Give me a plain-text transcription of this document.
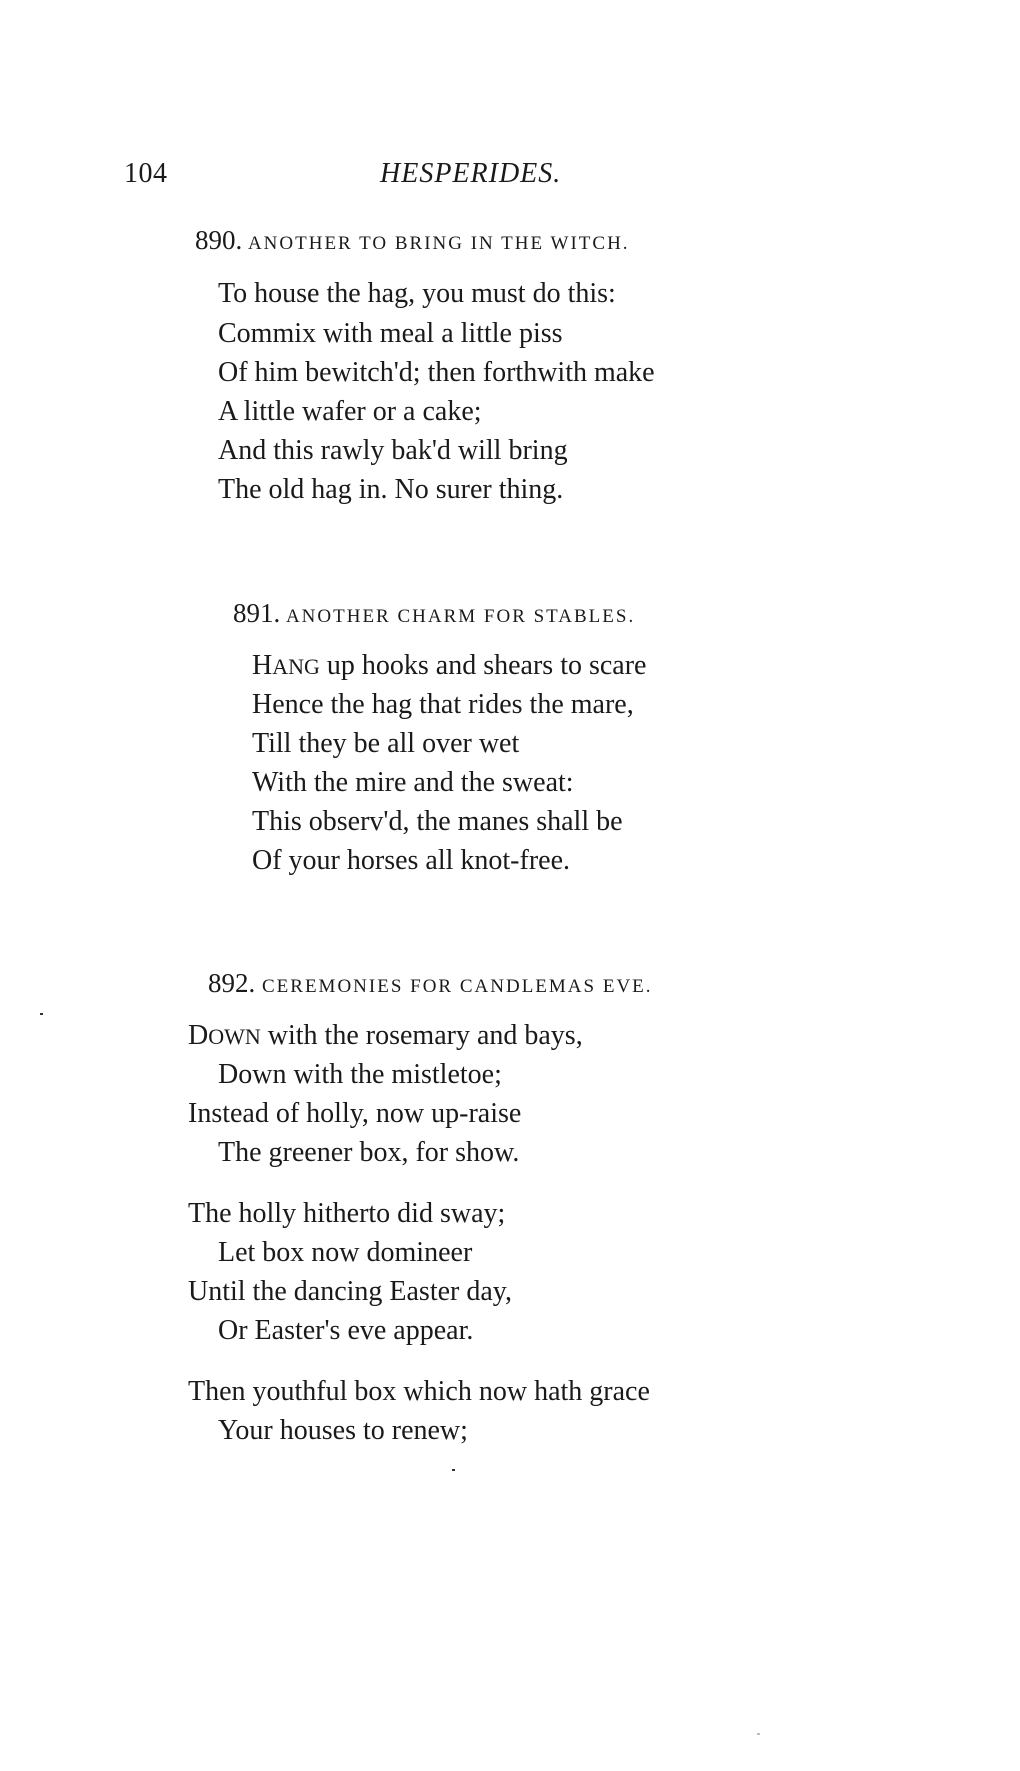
104	HESPERIDES.
890. ANOTHER TO BRING IN THE WITCH.
To house the hag, you must do this:
Commix with meal a little piss
Of him bewitch'd; then forthwith make
A little wafer or a cake;
And this rawly bak'd will bring
The old hag in. No surer thing.
891. ANOTHER CHARM FOR STABLES.
HANG up hooks and shears to scare
Hence the hag that rides the mare,
Till they be all over wet
With the mire and the sweat:
This observ'd, the manes shall be
Of your horses all knot-free.
892. CEREMONIES FOR CANDLEMAS EVE.
DOWN with the rosemary and bays,
Down with the mistletoe;
Instead of holly, now up-raise
The greener box, for show.
The holly hitherto did sway;
Let box now domineer
Until the dancing Easter day,
Or Easter's eve appear.
Then youthful box which now hath grace
Your houses to renew;
